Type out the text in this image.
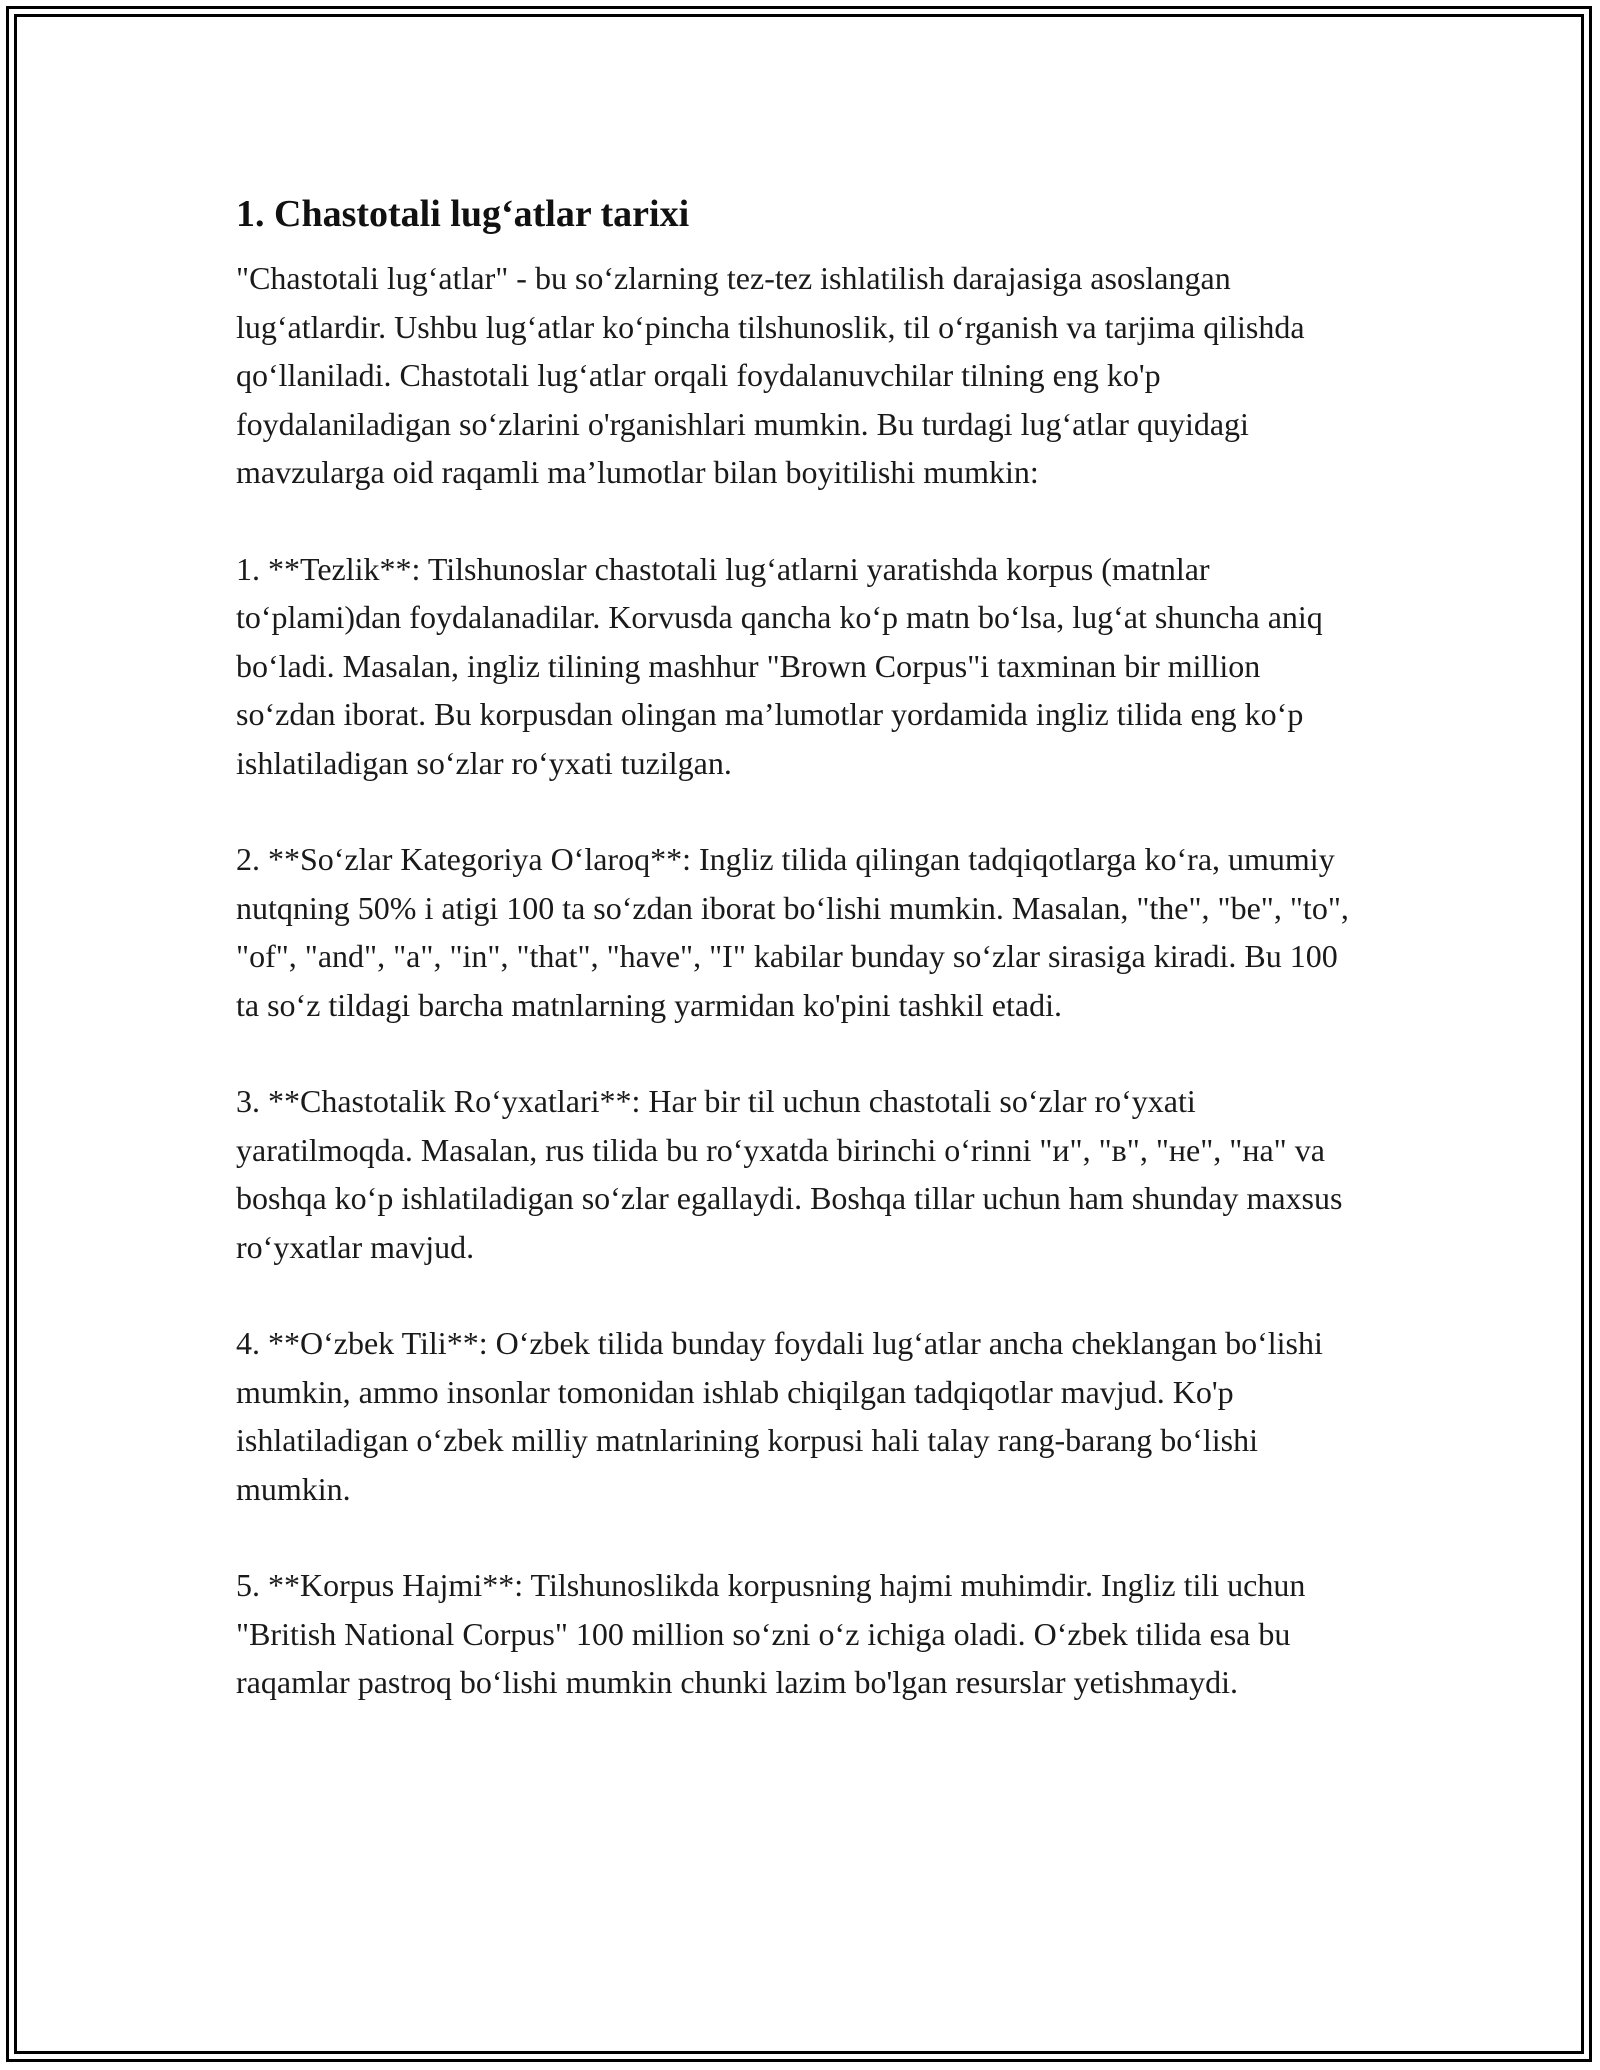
1. Chastotali lug‘atlar tarixi

"Chastotali lug‘atlar" - bu so‘zlarning tez-tez ishlatilish darajasiga asoslangan lug‘atlardir. Ushbu lug‘atlar ko‘pincha tilshunoslik, til o‘rganish va tarjima qilishda qo‘llaniladi. Chastotali lug‘atlar orqali foydalanuvchilar tilning eng ko'p foydalaniladigan so‘zlarini o'rganishlari mumkin. Bu turdagi lug‘atlar quyidagi mavzularga oid raqamli ma’lumotlar bilan boyitilishi mumkin:

1. **Tezlik**: Tilshunoslar chastotali lug‘atlarni yaratishda korpus (matnlar to‘plami)dan foydalanadilar. Korvusda qancha ko‘p matn bo‘lsa, lug‘at shuncha aniq bo‘ladi. Masalan, ingliz tilining mashhur "Brown Corpus"i taxminan bir million so‘zdan iborat. Bu korpusdan olingan ma’lumotlar yordamida ingliz tilida eng ko‘p ishlatiladigan so‘zlar ro‘yxati tuzilgan.

2. **So‘zlar Kategoriya O‘laroq**: Ingliz tilida qilingan tadqiqotlarga ko‘ra, umumiy nutqning 50% i atigi 100 ta so‘zdan iborat bo‘lishi mumkin. Masalan, "the", "be", "to", "of", "and", "a", "in", "that", "have", "I" kabilar bunday so‘zlar sirasiga kiradi. Bu 100 ta so‘z tildagi barcha matnlarning yarmidan ko'pini tashkil etadi.

3. **Chastotalik Ro‘yxatlari**: Har bir til uchun chastotali so‘zlar ro‘yxati yaratilmoqda. Masalan, rus tilida bu ro‘yxatda birinchi o‘rinni "и", "в", "не", "на" va boshqa ko‘p ishlatiladigan so‘zlar egallaydi. Boshqa tillar uchun ham shunday maxsus ro‘yxatlar mavjud.

4. **O‘zbek Tili**: O‘zbek tilida bunday foydali lug‘atlar ancha cheklangan bo‘lishi mumkin, ammo insonlar tomonidan ishlab chiqilgan tadqiqotlar mavjud. Ko'p ishlatiladigan o‘zbek milliy matnlarining korpusi hali talay rang-barang bo‘lishi mumkin.

5. **Korpus Hajmi**: Tilshunoslikda korpusning hajmi muhimdir. Ingliz tili uchun "British National Corpus" 100 million so‘zni o‘z ichiga oladi. O‘zbek tilida esa bu raqamlar pastroq bo‘lishi mumkin chunki lazim bo'lgan resurslar yetishmaydi.
